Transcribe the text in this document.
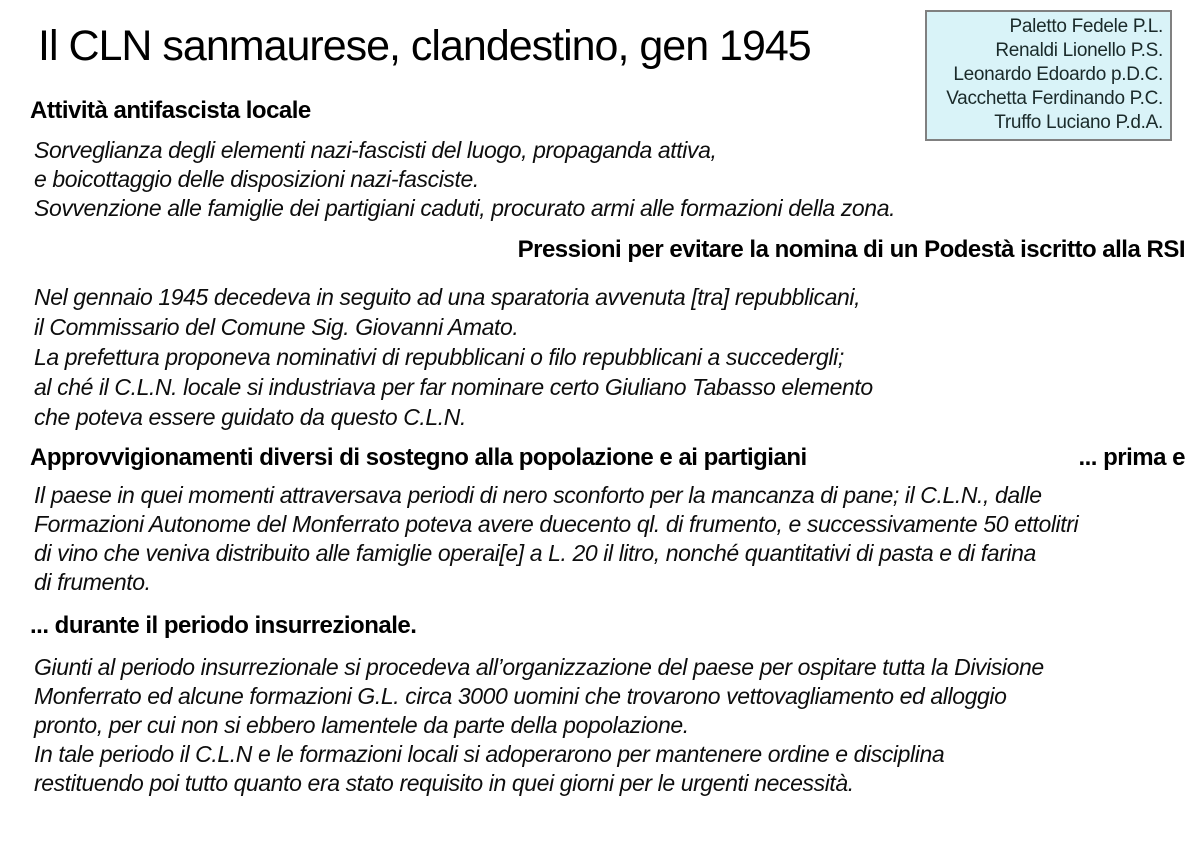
Il CLN sanmaurese, clandestino, gen 1945	Paletto Fedele P.L.
Renaldi Lionello P.S.
Leonardo Edoardo p.D.C.
Vacchetta Ferdinando P.C.
Truffo Luciano P.d.A.
Attività antifascista locale
Sorveglianza degli elementi nazi-fascisti del luogo, propaganda attiva,
e boicottaggio delle disposizioni nazi-fasciste.
Sovvenzione alle famiglie dei partigiani caduti, procurato armi alle formazioni della zona.
Pressioni per evitare la nomina di un Podestà iscritto alla RSI
Nel gennaio 1945 decedeva in seguito ad una sparatoria avvenuta [tra] repubblicani,
il Commissario del Comune Sig. Giovanni Amato.
La prefettura proponeva nominativi di repubblicani o filo repubblicani a succedergli;
al ché il C.L.N. locale si industriava per far nominare certo Giuliano Tabasso elemento
che poteva essere guidato da questo C.L.N.
Approvvigionamenti diversi di sostegno alla popolazione e ai partigiani	... prima e
Il paese in quei momenti attraversava periodi di nero sconforto per la mancanza di pane; il C.L.N., dalle
Formazioni Autonome del Monferrato poteva avere duecento ql. di frumento, e successivamente 50 ettolitri
di vino che veniva distribuito alle famiglie operai[e] a L. 20 il litro, nonché quantitativi di pasta e di farina
di frumento.
... durante il periodo insurrezionale.
Giunti al periodo insurrezionale si procedeva all’organizzazione del paese per ospitare tutta la Divisione
Monferrato ed alcune formazioni G.L. circa 3000 uomini che trovarono vettovagliamento ed alloggio
pronto, per cui non si ebbero lamentele da parte della popolazione.
In tale periodo il C.L.N e le formazioni locali si adoperarono per mantenere ordine e disciplina
restituendo poi tutto quanto era stato requisito in quei giorni per le urgenti necessità.
